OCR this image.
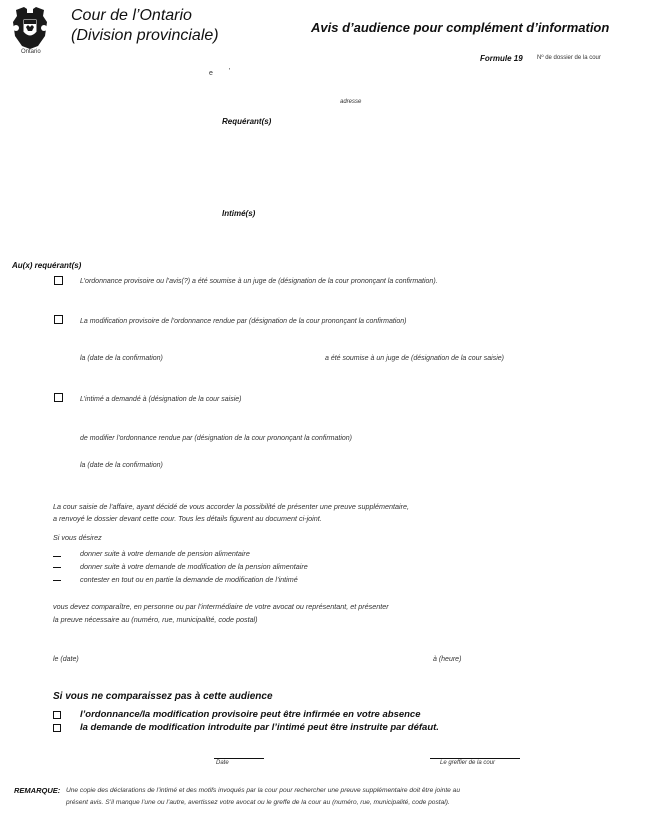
Ontario
Cour de l’Ontario
(Division provinciale)	Avis d’audience pour complément d’information
Formule 19 Nº de dossier de la cour
e '
adresse
Requérant(s)
Intimé(s)
Au(x) requérant(s)
L’ordonnance provisoire ou l’avis(?) a été soumise à un juge de (désignation de la cour prononçant la confirmation).
La modification provisoire de l’ordonnance rendue par (désignation de la cour prononçant la confirmation)
la (date de la confirmation)	a été soumise à un juge de (désignation de la cour saisie)
L’intimé a demandé à (désignation de la cour saisie)
de modifier l’ordonnance rendue par (désignation de la cour prononçant la confirmation)
la (date de la confirmation)
La cour saisie de l’affaire, ayant décidé de vous accorder la possibilité de présenter une preuve supplémentaire,
a renvoyé le dossier devant cette cour. Tous les détails figurent au document ci-joint.
Si vous désirez
donner suite à votre demande de pension alimentaire
donner suite à votre demande de modification de la pension alimentaire
contester en tout ou en partie la demande de modification de l’intimé
vous devez comparaître, en personne ou par l’intermédiaire de votre avocat ou représentant, et présenter
la preuve nécessaire au (numéro, rue, municipalité, code postal)
le (date)	à (heure)
Si vous ne comparaissez pas à cette audience
l’ordonnance/la modification provisoire peut être infirmée en votre absence
la demande de modification introduite par l’intimé peut être instruite par défaut.
Date	Le greffier de la cour
REMARQUE: Une copie des déclarations de l’intimé et des motifs invoqués par la cour pour rechercher une preuve supplémentaire doit être jointe au
présent avis. S’il manque l’une ou l’autre, avertissez votre avocat ou le greffe de la cour au (numéro, rue, municipalité, code postal).
